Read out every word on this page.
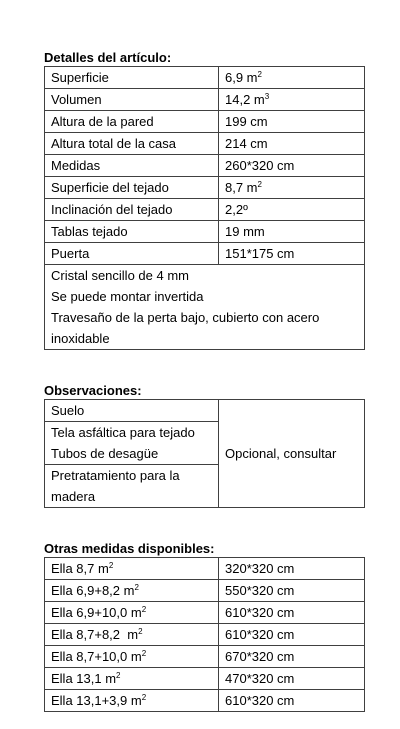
Detalles del artículo:
Superficie	6,9 $m^2$
Volumen	14,2 $m^3$
Altura de la pared	199 cm
Altura total de la casa	214 cm
Medidas	260*320 cm
Superficie del tejado	8,7 $m^2$
Inclinación del tejado	2,2º
Tablas tejado	19 mm
Puerta	151*175 cm

Cristal sencillo de 4 mm
Se puede montar invertida
Travesaño de la perta bajo, cubierto con acero
inoxidable	
Observaciones:
Suelo	Opcional, consultar	

Tela asfáltica para tejado
Tubos de desagüe		

Pretratamiento para la
madera

Otras medidas disponibles:
Ella 8,7 $m^2$	320*320 cm
Ella 6,9+8,2 $m^2$	550*320 cm
Ella 6,9+10,0 $m^2$	610*320 cm
Ella 8,7+8,2  $m^2$	610*320 cm
Ella 8,7+10,0 $m^2$	670*320 cm
Ella 13,1 $m^2$	470*320 cm
Ella 13,1+3,9 $m^2$	610*320 cm
